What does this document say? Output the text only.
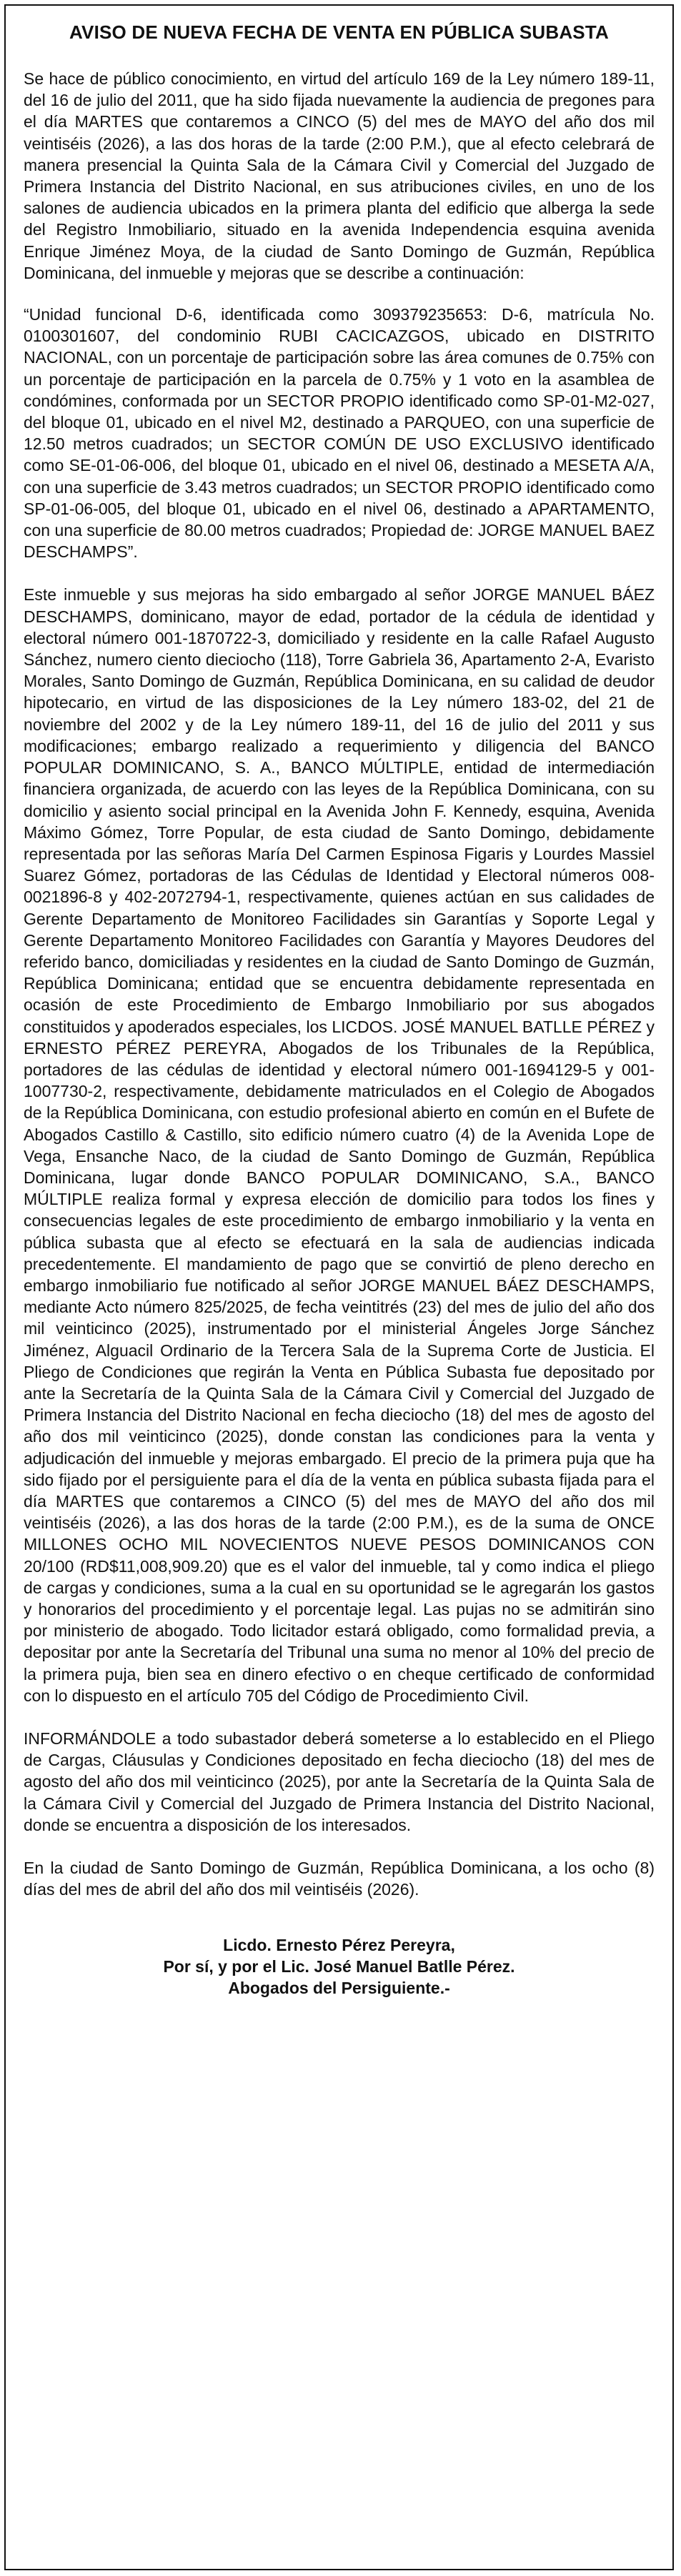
AVISO DE NUEVA FECHA DE VENTA EN PÚBLICA SUBASTA

Se hace de público conocimiento, en virtud del artículo 169 de la Ley número 189-11, del 16 de julio del 2011, que ha sido fijada nuevamente la audiencia de pregones para el día MARTES que contaremos a CINCO (5) del mes de MAYO del año dos mil veintiséis (2026), a las dos horas de la tarde (2:00 P.M.), que al efecto celebrará de manera presencial la Quinta Sala de la Cámara Civil y Comercial del Juzgado de Primera Instancia del Distrito Nacional, en sus atribuciones civiles, en uno de los salones de audiencia ubicados en la primera planta del edificio que alberga la sede del Registro Inmobiliario, situado en la avenida Independencia esquina avenida Enrique Jiménez Moya, de la ciudad de Santo Domingo de Guzmán, República Dominicana, del inmueble y mejoras que se describe a continuación:

“Unidad funcional D-6, identificada como 309379235653: D-6, matrícula No. 0100301607, del condominio RUBI CACICAZGOS, ubicado en DISTRITO NACIONAL, con un porcentaje de participación sobre las área comunes de 0.75% con un porcentaje de participación en la parcela de 0.75% y 1 voto en la asamblea de condómines, conformada por un SECTOR PROPIO identificado como SP-01-M2-027, del bloque 01, ubicado en el nivel M2, destinado a PARQUEO, con una superficie de 12.50 metros cuadrados; un SECTOR COMÚN DE USO EXCLUSIVO identificado como SE-01-06-006, del bloque 01, ubicado en el nivel 06, destinado a MESETA A/A, con una superficie de 3.43 metros cuadrados; un SECTOR PROPIO identificado como SP-01-06-005, del bloque 01, ubicado en el nivel 06, destinado a APARTAMENTO, con una superficie de 80.00 metros cuadrados; Propiedad de: JORGE MANUEL BAEZ DESCHAMPS”.

Este inmueble y sus mejoras ha sido embargado al señor JORGE MANUEL BÁEZ DESCHAMPS, dominicano, mayor de edad, portador de la cédula de identidad y electoral número 001-1870722-3, domiciliado y residente en la calle Rafael Augusto Sánchez, numero ciento dieciocho (118), Torre Gabriela 36, Apartamento 2-A, Evaristo Morales, Santo Domingo de Guzmán, República Dominicana, en su calidad de deudor hipotecario, en virtud de las disposiciones de la Ley número 183-02, del 21 de noviembre del 2002 y de la Ley número 189-11, del 16 de julio del 2011 y sus modificaciones; embargo realizado a requerimiento y diligencia del BANCO POPULAR DOMINICANO, S. A., BANCO MÚLTIPLE, entidad de intermediación financiera organizada, de acuerdo con las leyes de la República Dominicana, con su domicilio y asiento social principal en la Avenida John F. Kennedy, esquina, Avenida Máximo Gómez, Torre Popular, de esta ciudad de Santo Domingo, debidamente representada por las señoras María Del Carmen Espinosa Figaris y Lourdes Massiel Suarez Gómez, portadoras de las Cédulas de Identidad y Electoral números 008-0021896-8 y 402-2072794-1, respectivamente, quienes actúan en sus calidades de Gerente Departamento de Monitoreo Facilidades sin Garantías y Soporte Legal y Gerente Departamento Monitoreo Facilidades con Garantía y Mayores Deudores del referido banco, domiciliadas y residentes en la ciudad de Santo Domingo de Guzmán, República Dominicana; entidad que se encuentra debidamente representada en ocasión de este Procedimiento de Embargo Inmobiliario por sus abogados constituidos y apoderados especiales, los LICDOS. JOSÉ MANUEL BATLLE PÉREZ y ERNESTO PÉREZ PEREYRA, Abogados de los Tribunales de la República, portadores de las cédulas de identidad y electoral número 001-1694129-5 y 001-1007730-2, respectivamente, debidamente matriculados en el Colegio de Abogados de la República Dominicana, con estudio profesional abierto en común en el Bufete de Abogados Castillo & Castillo, sito edificio número cuatro (4) de la Avenida Lope de Vega, Ensanche Naco, de la ciudad de Santo Domingo de Guzmán, República Dominicana, lugar donde BANCO POPULAR DOMINICANO, S.A., BANCO MÚLTIPLE realiza formal y expresa elección de domicilio para todos los fines y consecuencias legales de este procedimiento de embargo inmobiliario y la venta en pública subasta que al efecto se efectuará en la sala de audiencias indicada precedentemente. El mandamiento de pago que se convirtió de pleno derecho en embargo inmobiliario fue notificado al señor JORGE MANUEL BÁEZ DESCHAMPS, mediante Acto número 825/2025, de fecha veintitrés (23) del mes de julio del año dos mil veinticinco (2025), instrumentado por el ministerial Ángeles Jorge Sánchez Jiménez, Alguacil Ordinario de la Tercera Sala de la Suprema Corte de Justicia. El Pliego de Condiciones que regirán la Venta en Pública Subasta fue depositado por ante la Secretaría de la Quinta Sala de la Cámara Civil y Comercial del Juzgado de Primera Instancia del Distrito Nacional en fecha dieciocho (18) del mes de agosto del año dos mil veinticinco (2025), donde constan las condiciones para la venta y adjudicación del inmueble y mejoras embargado. El precio de la primera puja que ha sido fijado por el persiguiente para el día de la venta en pública subasta fijada para el día MARTES que contaremos a CINCO (5) del mes de MAYO del año dos mil veintiséis (2026), a las dos horas de la tarde (2:00 P.M.), es de la suma de ONCE MILLONES OCHO MIL NOVECIENTOS NUEVE PESOS DOMINICANOS CON 20/100 (RD$11,008,909.20) que es el valor del inmueble, tal y como indica el pliego de cargas y condiciones, suma a la cual en su oportunidad se le agregarán los gastos y honorarios del procedimiento y el porcentaje legal. Las pujas no se admitirán sino por ministerio de abogado. Todo licitador estará obligado, como formalidad previa, a depositar por ante la Secretaría del Tribunal una suma no menor al 10% del precio de la primera puja, bien sea en dinero efectivo o en cheque certificado de conformidad con lo dispuesto en el artículo 705 del Código de Procedimiento Civil.

INFORMÁNDOLE a todo subastador deberá someterse a lo establecido en el Pliego de Cargas, Cláusulas y Condiciones depositado en fecha dieciocho (18) del mes de agosto del año dos mil veinticinco (2025), por ante la Secretaría de la Quinta Sala de la Cámara Civil y Comercial del Juzgado de Primera Instancia del Distrito Nacional, donde se encuentra a disposición de los interesados.

En la ciudad de Santo Domingo de Guzmán, República Dominicana, a los ocho (8) días del mes de abril del año dos mil veintiséis (2026).

Licdo. Ernesto Pérez Pereyra,
Por sí, y por el Lic. José Manuel Batlle Pérez.
Abogados del Persiguiente.-
